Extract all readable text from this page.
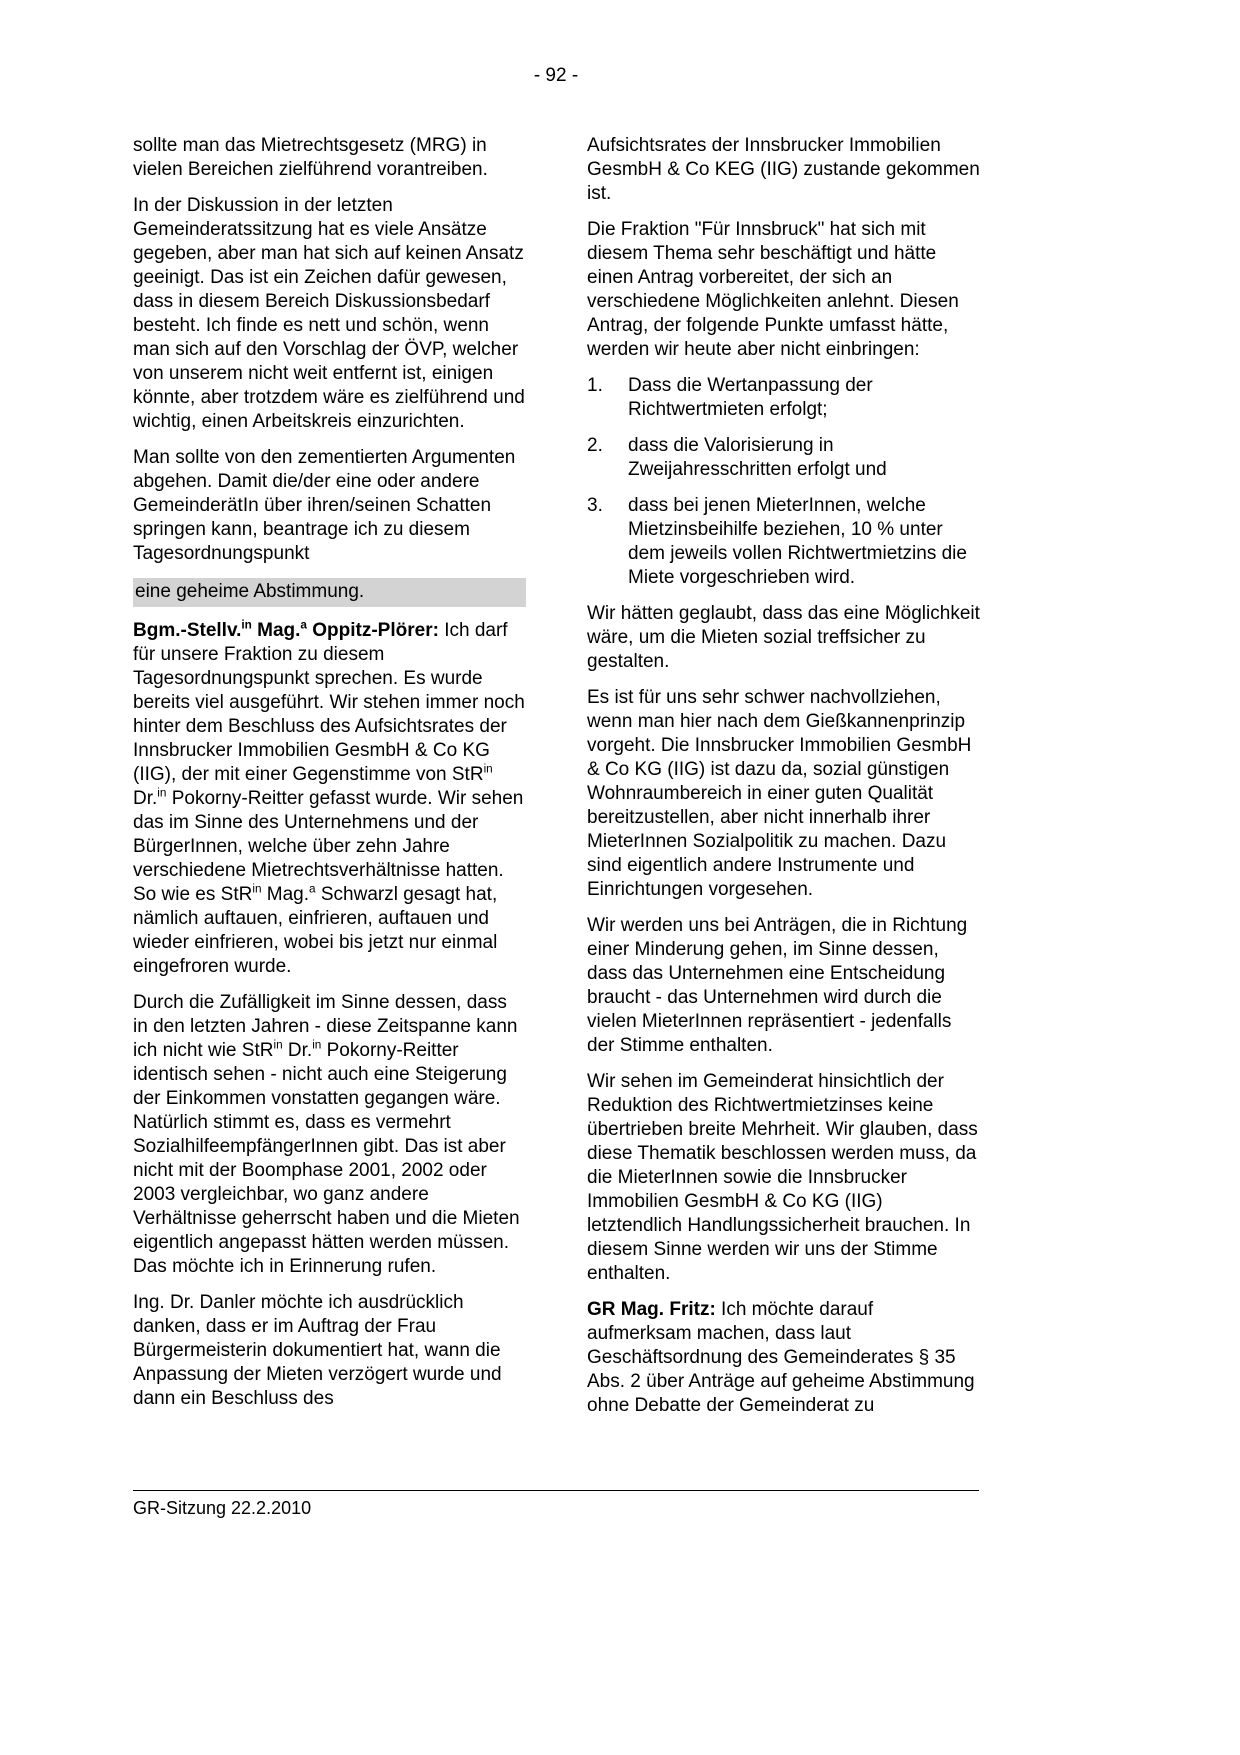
- 92 -

sollte man das Mietrechtsgesetz (MRG) in vielen Bereichen zielführend vorantreiben.

In der Diskussion in der letzten Gemeinderatssitzung hat es viele Ansätze gegeben, aber man hat sich auf keinen Ansatz geeinigt. Das ist ein Zeichen dafür gewesen, dass in diesem Bereich Diskussionsbedarf besteht. Ich finde es nett und schön, wenn man sich auf den Vorschlag der ÖVP, welcher von unserem nicht weit entfernt ist, einigen könnte, aber trotzdem wäre es zielführend und wichtig, einen Arbeitskreis einzurichten.

Man sollte von den zementierten Argumenten abgehen. Damit die/der eine oder andere GemeinderätIn über ihren/seinen Schatten springen kann, beantrage ich zu diesem Tagesordnungspunkt

eine geheime Abstimmung.

Bgm.-Stellv.$^{in}$ Mag.$^a$ Oppitz-Plörer: Ich darf für unsere Fraktion zu diesem Tagesordnungspunkt sprechen. Es wurde bereits viel ausgeführt. Wir stehen immer noch hinter dem Beschluss des Aufsichtsrates der Innsbrucker Immobilien GesmbH & Co KG (IIG), der mit einer Gegenstimme von StR$^{in}$ Dr.$^{in}$ Pokorny-Reitter gefasst wurde. Wir sehen das im Sinne des Unternehmens und der BürgerInnen, welche über zehn Jahre verschiedene Mietrechtsverhältnisse hatten. So wie es StR$^{in}$ Mag.$^a$ Schwarzl gesagt hat, nämlich auftauen, einfrieren, auftauen und wieder einfrieren, wobei bis jetzt nur einmal eingefroren wurde.

Durch die Zufälligkeit im Sinne dessen, dass in den letzten Jahren - diese Zeitspanne kann ich nicht wie StR$^{in}$ Dr.$^{in}$ Pokorny-Reitter identisch sehen - nicht auch eine Steigerung der Einkommen vonstatten gegangen wäre. Natürlich stimmt es, dass es vermehrt SozialhilfeempfängerInnen gibt. Das ist aber nicht mit der Boomphase 2001, 2002 oder 2003 vergleichbar, wo ganz andere Verhältnisse geherrscht haben und die Mieten eigentlich angepasst hätten werden müssen. Das möchte ich in Erinnerung rufen.

Ing. Dr. Danler möchte ich ausdrücklich danken, dass er im Auftrag der Frau Bürgermeisterin dokumentiert hat, wann die Anpassung der Mieten verzögert wurde und dann ein Beschluss des

Aufsichtsrates der Innsbrucker Immobilien GesmbH & Co KEG (IIG) zustande gekommen ist.

Die Fraktion "Für Innsbruck" hat sich mit diesem Thema sehr beschäftigt und hätte einen Antrag vorbereitet, der sich an verschiedene Möglichkeiten anlehnt. Diesen Antrag, der folgende Punkte umfasst hätte, werden wir heute aber nicht einbringen:

1.	Dass die Wertanpassung der Richtwertmieten erfolgt;
2.	dass die Valorisierung in Zweijahresschritten erfolgt und
3.	dass bei jenen MieterInnen, welche Mietzinsbeihilfe beziehen, 10 % unter dem jeweils vollen Richtwertmietzins die Miete vorgeschrieben wird.

Wir hätten geglaubt, dass das eine Möglichkeit wäre, um die Mieten sozial treffsicher zu gestalten.

Es ist für uns sehr schwer nachvollziehen, wenn man hier nach dem Gießkannenprinzip vorgeht. Die Innsbrucker Immobilien GesmbH & Co KG (IIG) ist dazu da, sozial günstigen Wohnraumbereich in einer guten Qualität bereitzustellen, aber nicht innerhalb ihrer MieterInnen Sozialpolitik zu machen. Dazu sind eigentlich andere Instrumente und Einrichtungen vorgesehen.

Wir werden uns bei Anträgen, die in Richtung einer Minderung gehen, im Sinne dessen, dass das Unternehmen eine Entscheidung braucht - das Unternehmen wird durch die vielen MieterInnen repräsentiert - jedenfalls der Stimme enthalten.

Wir sehen im Gemeinderat hinsichtlich der Reduktion des Richtwertmietzinses keine übertrieben breite Mehrheit. Wir glauben, dass diese Thematik beschlossen werden muss, da die MieterInnen sowie die Innsbrucker Immobilien GesmbH & Co KG (IIG) letztendlich Handlungssicherheit brauchen. In diesem Sinne werden wir uns der Stimme enthalten.

GR Mag. Fritz: Ich möchte darauf aufmerksam machen, dass laut Geschäftsordnung des Gemeinderates § 35 Abs. 2 über Anträge auf geheime Abstimmung ohne Debatte der Gemeinderat zu

GR-Sitzung 22.2.2010
